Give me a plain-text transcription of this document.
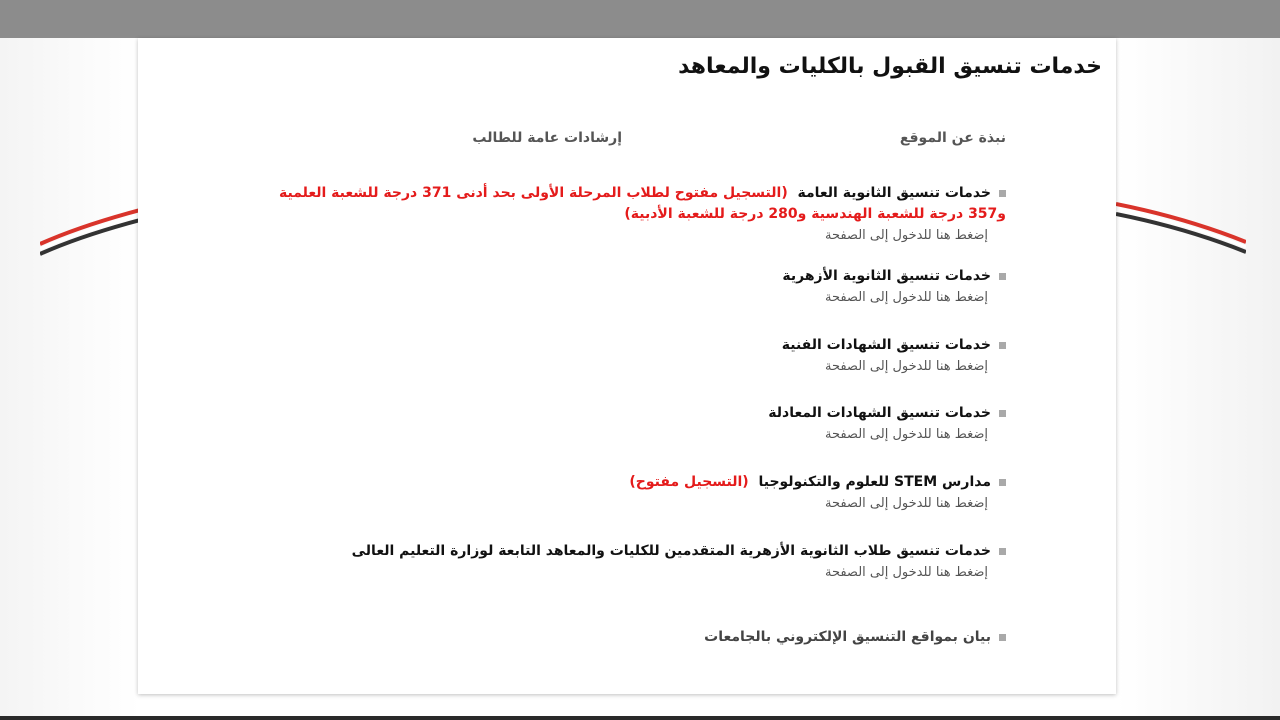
خدمات تنسيق القبول بالكليات والمعاهد
نبذة عن الموقع
إرشادات عامة للطالب
خدمات تنسيق الثانوية العامة  (التسجيل مفتوح لطلاب المرحلة الأولى بحد أدنى 371 درجة للشعبة العلمية و357 درجة للشعبة الهندسية و280 درجة للشعبة الأدبية)
إضغط هنا للدخول إلى الصفحة
خدمات تنسيق الثانوية الأزهرية
إضغط هنا للدخول إلى الصفحة
خدمات تنسيق الشهادات الفنية
إضغط هنا للدخول إلى الصفحة
خدمات تنسيق الشهادات المعادلة
إضغط هنا للدخول إلى الصفحة
مدارس STEM للعلوم والتكنولوجيا  (التسجيل مفتوح)
إضغط هنا للدخول إلى الصفحة
خدمات تنسيق طلاب الثانوية الأزهرية المتقدمين للكليات والمعاهد التابعة لوزارة التعليم العالى
إضغط هنا للدخول إلى الصفحة
بيان بمواقع التنسيق الإلكتروني بالجامعات
